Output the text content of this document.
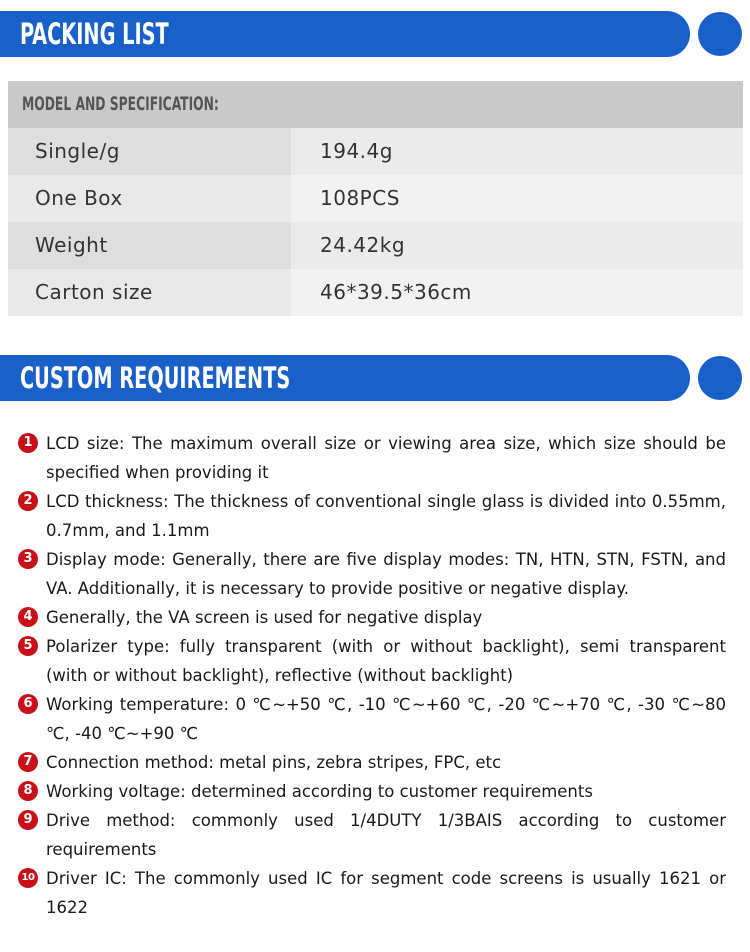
PACKING LIST
MODEL AND SPECIFICATION:
Single/g	194.4g
One Box	108PCS
Weight	24.42kg
Carton size	46*39.5*36cm
CUSTOM REQUIREMENTS
1 LCD size: The maximum overall size or viewing area size, which size should be specified when providing it
2 LCD thickness: The thickness of conventional single glass is divided into 0.55mm, 0.7mm, and 1.1mm
3 Display mode: Generally, there are five display modes: TN, HTN, STN, FSTN, and VA. Additionally, it is necessary to provide positive or negative display.
4 Generally, the VA screen is used for negative display
5 Polarizer type: fully transparent (with or without backlight), semi transparent (with or without backlight), reflective (without backlight)
6 Working temperature: 0 ℃~+50 ℃, -10 ℃~+60 ℃, -20 ℃~+70 ℃, -30 ℃~80 ℃, -40 ℃~+90 ℃
7 Connection method: metal pins, zebra stripes, FPC, etc
8 Working voltage: determined according to customer requirements
9 Drive method: commonly used 1/4DUTY 1/3BAIS according to customer requirements
10 Driver IC: The commonly used IC for segment code screens is usually 1621 or 1622
